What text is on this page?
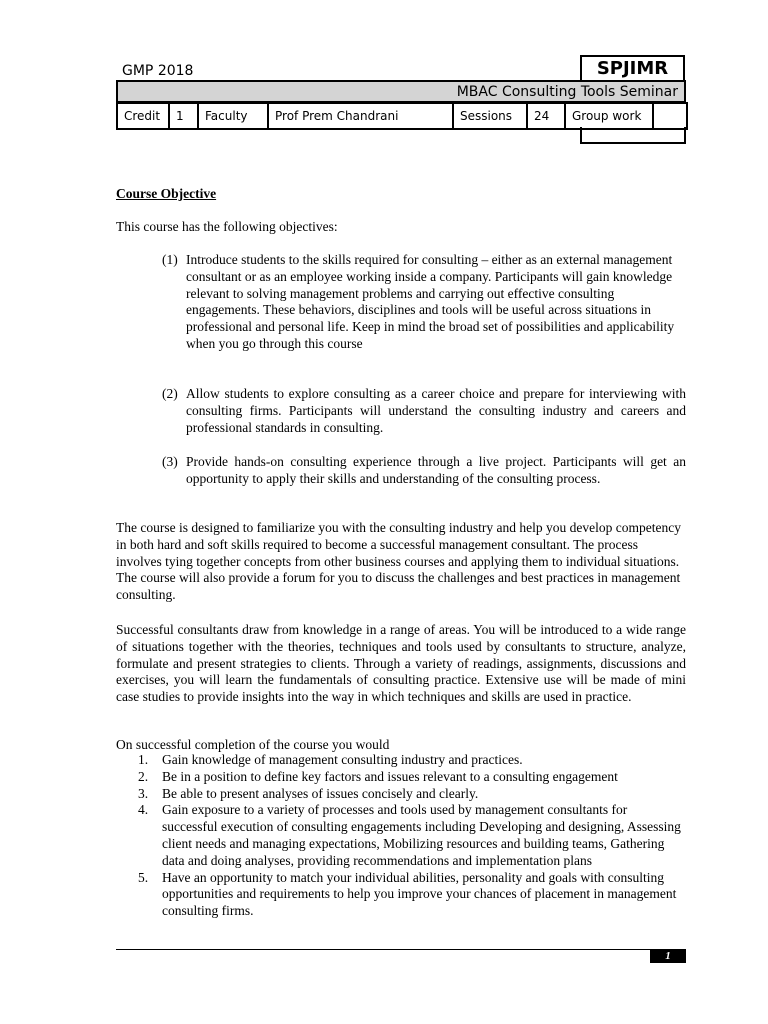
GMP 2018	SPJIMR
MBAC Consulting Tools Seminar
Credit	1	Faculty	Prof Prem Chandrani	Sessions	24	Group work	
Course Objective
This course has the following objectives:
(1) Introduce students to the skills required for consulting – either as an external management consultant or as an employee working inside a company. Participants will gain knowledge relevant to solving management problems and carrying out effective consulting engagements. These behaviors, disciplines and tools will be useful across situations in professional and personal life. Keep in mind the broad set of possibilities and applicability when you go through this course
(2) Allow students to explore consulting as a career choice and prepare for interviewing with consulting firms. Participants will understand the consulting industry and careers and professional standards in consulting.
(3) Provide hands-on consulting experience through a live project. Participants will get an opportunity to apply their skills and understanding of the consulting process.
The course is designed to familiarize you with the consulting industry and help you develop competency in both hard and soft skills required to become a successful management consultant. The process involves tying together concepts from other business courses and applying them to individual situations. The course will also provide a forum for you to discuss the challenges and best practices in management consulting.
Successful consultants draw from knowledge in a range of areas. You will be introduced to a wide range of situations together with the theories, techniques and tools used by consultants to structure, analyze, formulate and present strategies to clients. Through a variety of readings, assignments, discussions and exercises, you will learn the fundamentals of consulting practice. Extensive use will be made of mini case studies to provide insights into the way in which techniques and skills are used in practice.
On successful completion of the course you would
1. Gain knowledge of management consulting industry and practices.
2. Be in a position to define key factors and issues relevant to a consulting engagement
3. Be able to present analyses of issues concisely and clearly.
4. Gain exposure to a variety of processes and tools used by management consultants for successful execution of consulting engagements including Developing and designing, Assessing client needs and managing expectations, Mobilizing resources and building teams, Gathering data and doing analyses, providing recommendations and implementation plans
5. Have an opportunity to match your individual abilities, personality and goals with consulting opportunities and requirements to help you improve your chances of placement in management consulting firms.
1
